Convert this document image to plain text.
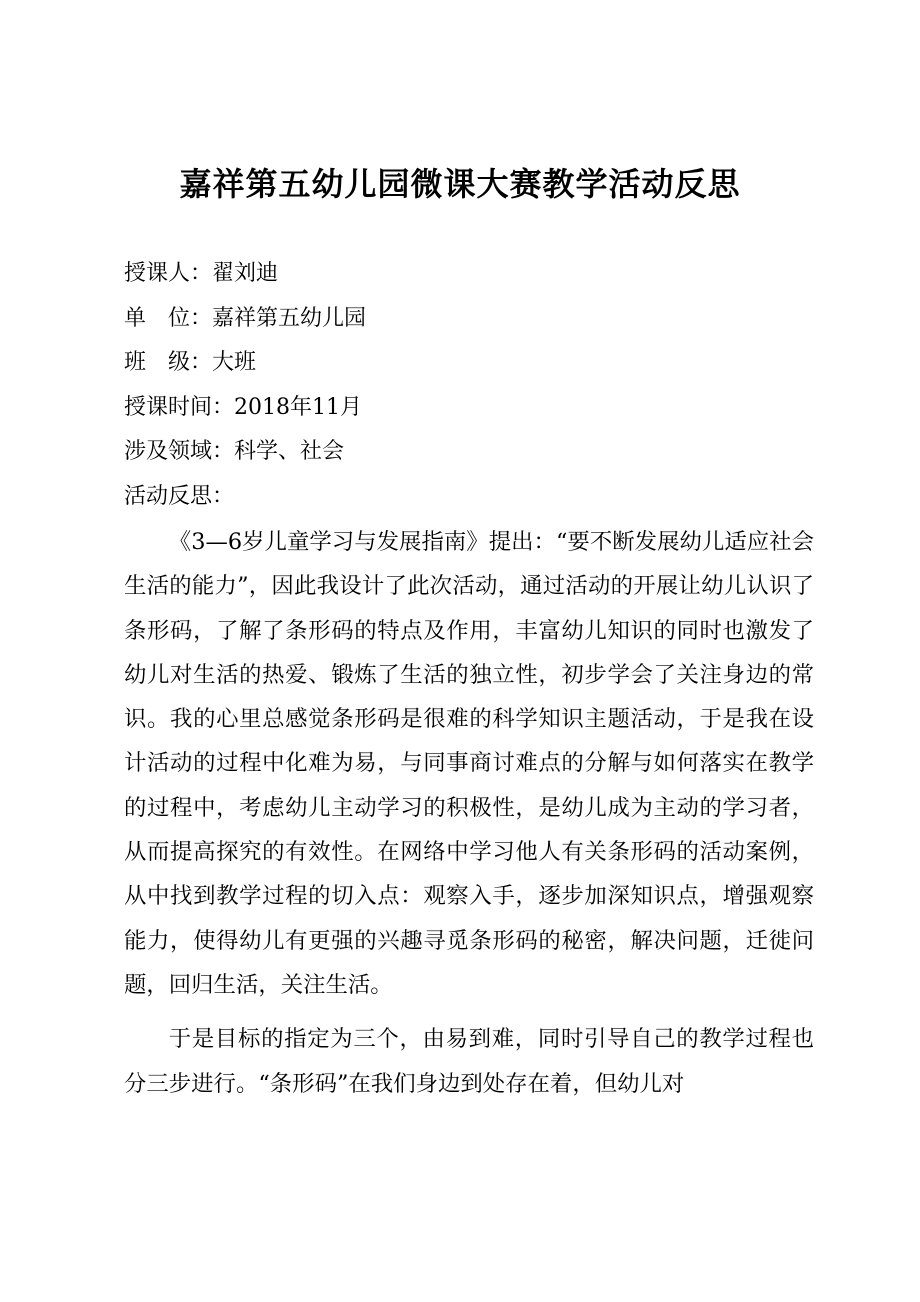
嘉祥第五幼儿园微课大赛教学活动反思
授课人：翟刘迪
单　位：嘉祥第五幼儿园
班　级：大班
授课时间：2018年11月
涉及领域：科学、社会
活动反思：

《3—6岁儿童学习与发展指南》提出：“要不断发展幼儿适应社会生活的能力”，因此我设计了此次活动，通过活动的开展让幼儿认识了条形码，了解了条形码的特点及作用，丰富幼儿知识的同时也激发了幼儿对生活的热爱、锻炼了生活的独立性，初步学会了关注身边的常识。我的心里总感觉条形码是很难的科学知识主题活动，于是我在设计活动的过程中化难为易，与同事商讨难点的分解与如何落实在教学的过程中，考虑幼儿主动学习的积极性，是幼儿成为主动的学习者，从而提高探究的有效性。在网络中学习他人有关条形码的活动案例，从中找到教学过程的切入点：观察入手，逐步加深知识点，增强观察能力，使得幼儿有更强的兴趣寻觅条形码的秘密，解决问题，迁徙问题，回归生活，关注生活。

于是目标的指定为三个，由易到难，同时引导自己的教学过程也分三步进行。“条形码”在我们身边到处存在着，但幼儿对
